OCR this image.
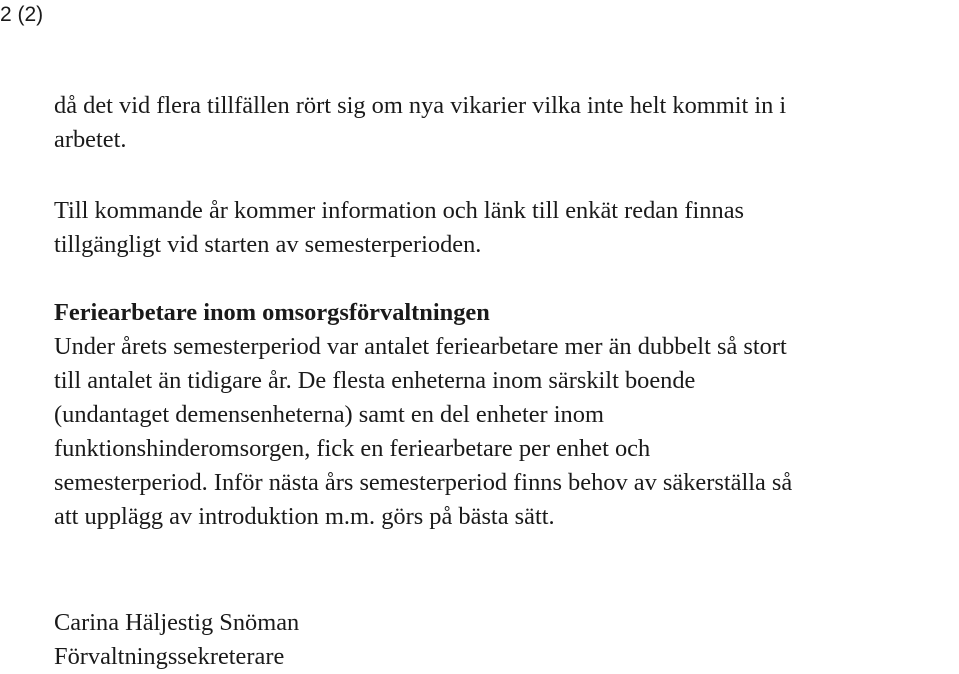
2 (2)
då det vid flera tillfällen rört sig om nya vikarier vilka inte helt kommit in i
arbetet.
Till kommande år kommer information och länk till enkät redan finnas
tillgängligt vid starten av semesterperioden.
Feriearbetare inom omsorgsförvaltningen
Under årets semesterperiod var antalet feriearbetare mer än dubbelt så stort
till antalet än tidigare år. De flesta enheterna inom särskilt boende
(undantaget demensenheterna) samt en del enheter inom
funktionshinderomsorgen, fick en feriearbetare per enhet och
semesterperiod. Inför nästa års semesterperiod finns behov av säkerställa så
att upplägg av introduktion m.m. görs på bästa sätt.
Carina Häljestig Snöman
Förvaltningssekreterare
